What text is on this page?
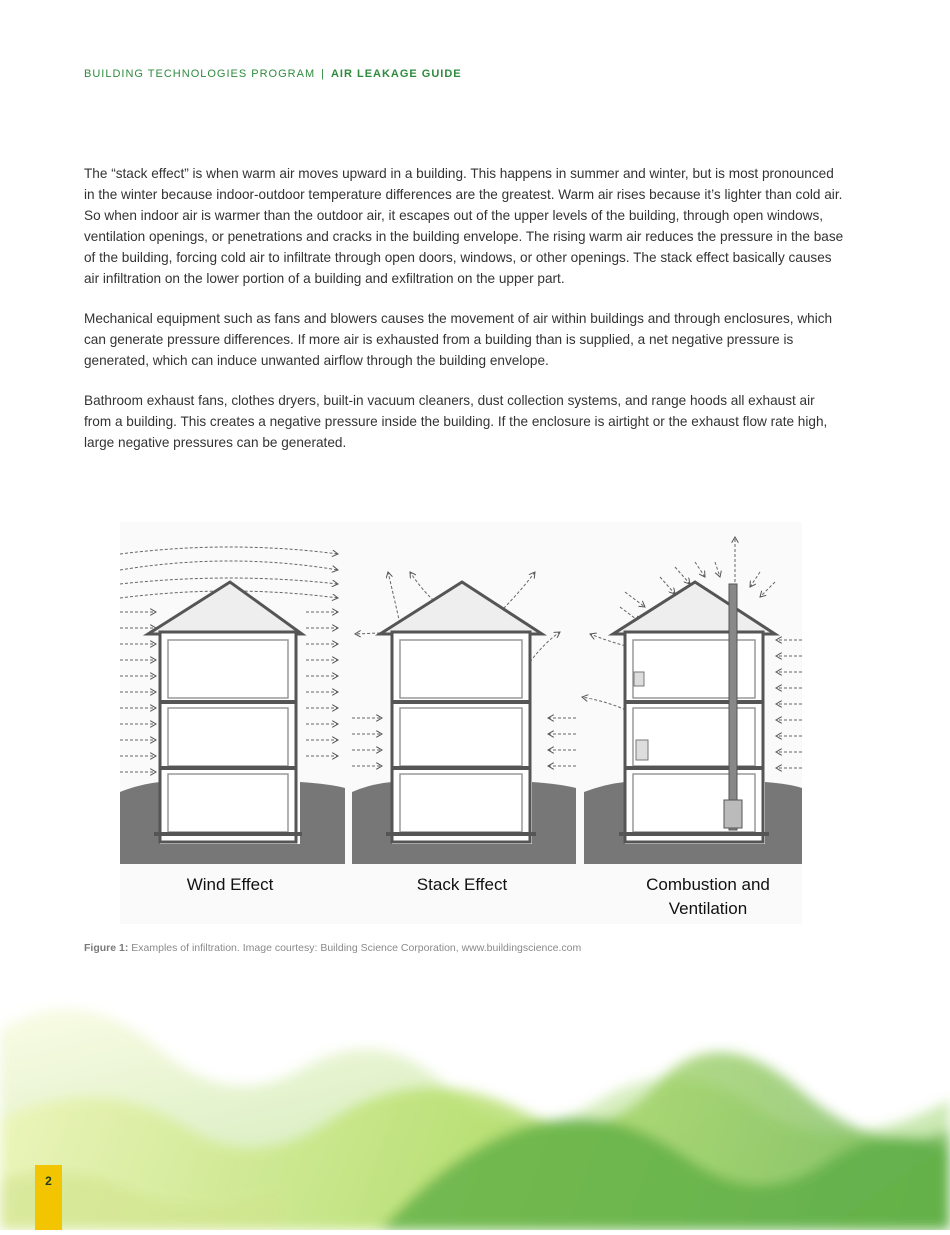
BUILDING TECHNOLOGIES PROGRAM | AIR LEAKAGE GUIDE

The “stack effect” is when warm air moves upward in a building. This happens in summer and winter, but is most pronounced in the winter because indoor-outdoor temperature differences are the greatest. Warm air rises because it’s lighter than cold air. So when indoor air is warmer than the outdoor air, it escapes out of the upper levels of the building, through open windows, ventilation openings, or penetrations and cracks in the building envelope. The rising warm air reduces the pressure in the base of the building, forcing cold air to infiltrate through open doors, windows, or other openings. The stack effect basically causes air infiltration on the lower portion of a building and exfiltration on the upper part.

Mechanical equipment such as fans and blowers causes the movement of air within buildings and through enclosures, which can generate pressure differences. If more air is exhausted from a building than is supplied, a net negative pressure is generated, which can induce unwanted airflow through the building envelope.

Bathroom exhaust fans, clothes dryers, built-in vacuum cleaners, dust collection systems, and range hoods all exhaust air from a building. This creates a negative pressure inside the building. If the enclosure is airtight or the exhaust flow rate high, large negative pressures can be generated.

Wind Effect	Stack Effect	Combustion and
Ventilation
Figure 1: Examples of infiltration. Image courtesy: Building Science Corporation, www.buildingscience.com
2
